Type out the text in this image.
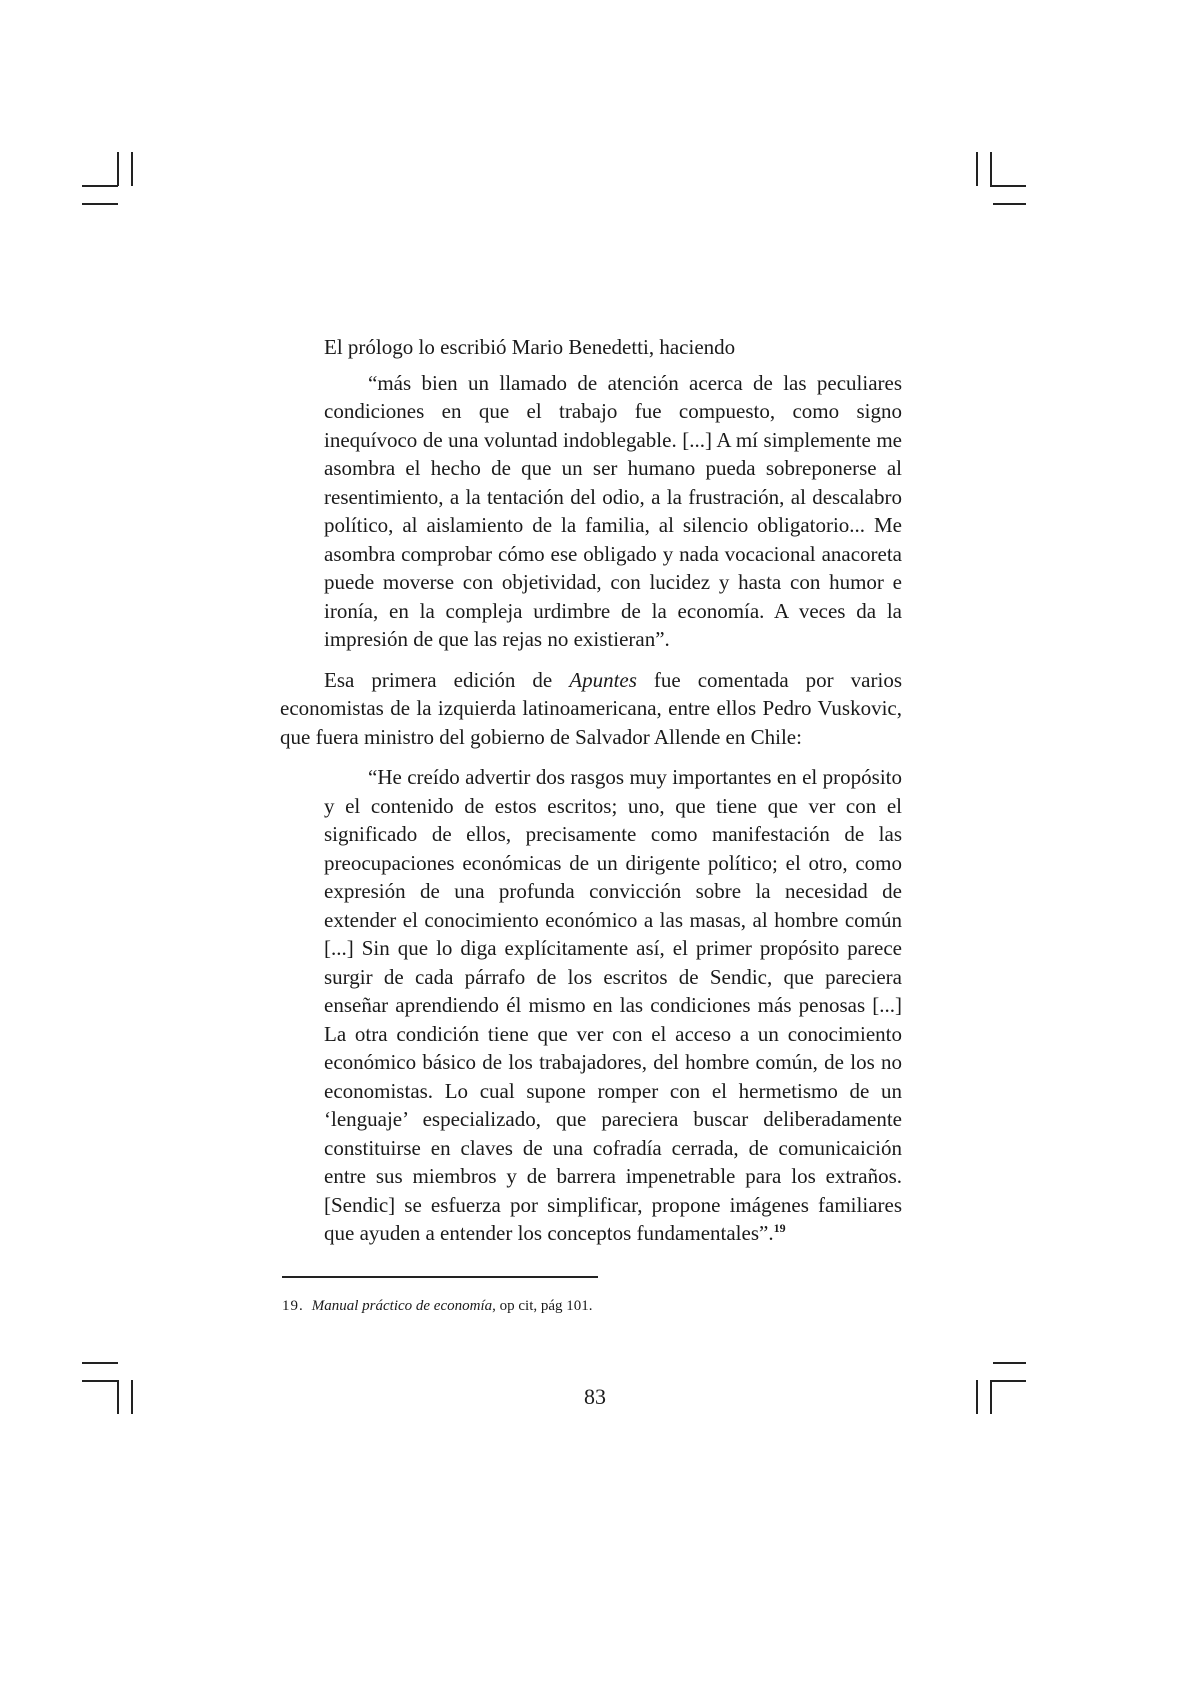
El prólogo lo escribió Mario Benedetti, haciendo

“más bien un llamado de atención acerca de las peculiares condiciones en que el trabajo fue compuesto, como signo inequívoco de una voluntad indoblegable. [...] A mí simplemente me asombra el hecho de que un ser humano pueda sobreponerse al resentimiento, a la tentación del odio, a la frustración, al descalabro político, al aislamiento de la familia, al silencio obligatorio... Me asombra comprobar cómo ese obligado y nada vocacional anacoreta puede moverse con objetividad, con lucidez y hasta con humor e ironía, en la compleja urdimbre de la economía. A veces da la impresión de que las rejas no existieran”.

Esa primera edición de Apuntes fue comentada por varios economistas de la izquierda latinoamericana, entre ellos Pedro Vuskovic, que fuera ministro del gobierno de Salvador Allende en Chile:

“He creído advertir dos rasgos muy importantes en el propósito y el contenido de estos escritos; uno, que tiene que ver con el significado de ellos, precisamente como manifestación de las preocupaciones económicas de un dirigente político; el otro, como expresión de una profunda convicción sobre la necesidad de extender el conocimiento económico a las masas, al hombre común [...] Sin que lo diga explícitamente así, el primer propósito parece surgir de cada párrafo de los escritos de Sendic, que pareciera enseñar aprendiendo él mismo en las condiciones más penosas [...] La otra condición tiene que ver con el acceso a un conocimiento económico básico de los trabajadores, del hombre común, de los no economistas. Lo cual supone romper con el hermetismo de un ‘lenguaje’ especializado, que pareciera buscar deliberadamente constituirse en claves de una cofradía cerrada, de comunicaición entre sus miembros y de barrera impenetrable para los extraños. [Sendic] se esfuerza por simplificar, propone imágenes familiares que ayuden a entender los conceptos fundamentales”.$^{19}$

19. Manual práctico de economía, op cit, pág 101.
83
